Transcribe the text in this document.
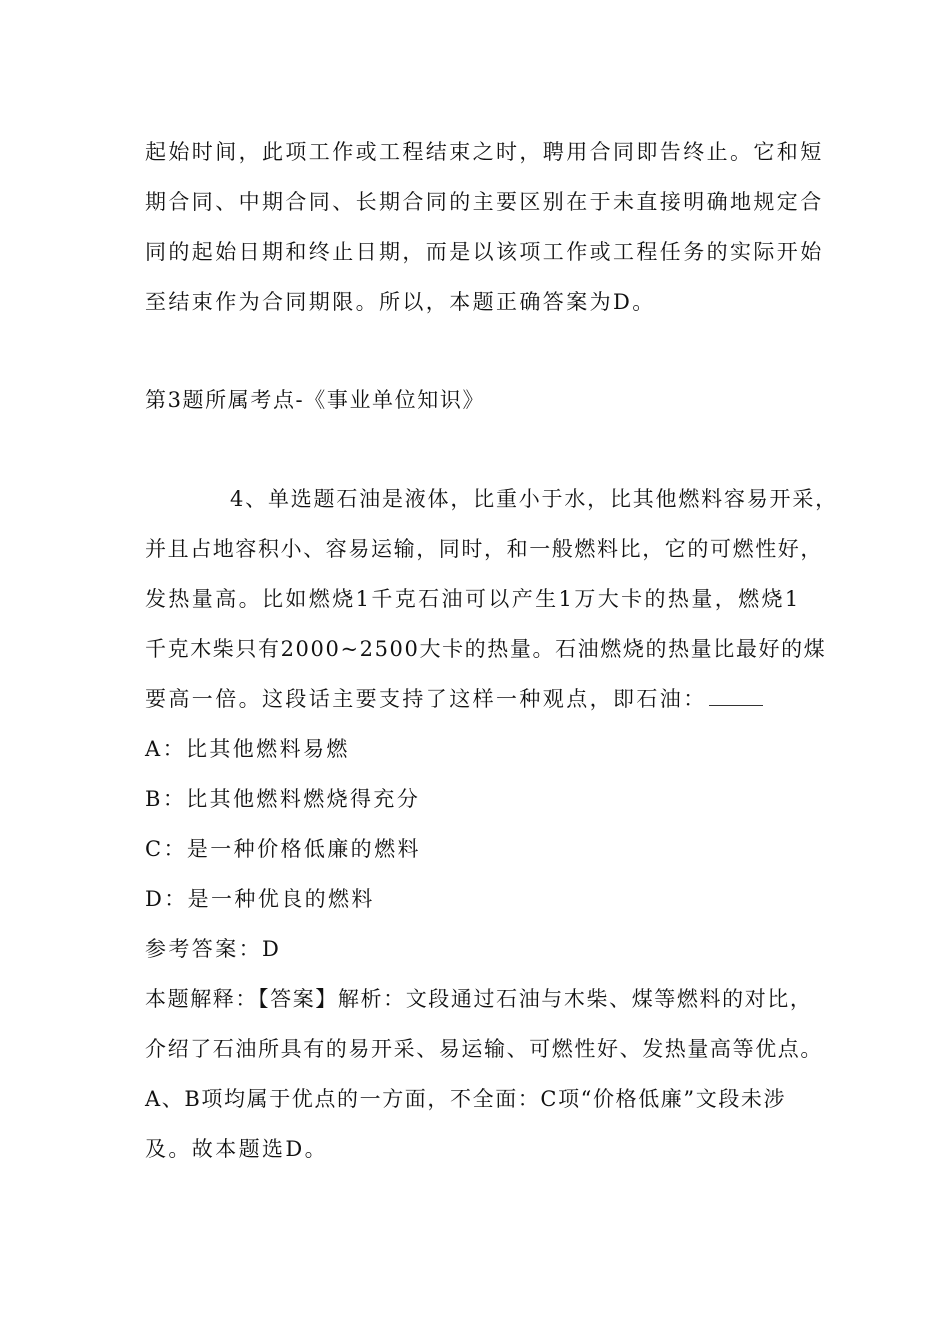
起始时间，此项工作或工程结束之时，聘用合同即告终止。它和短
期合同、中期合同、长期合同的主要区别在于未直接明确地规定合
同的起始日期和终止日期，而是以该项工作或工程任务的实际开始
至结束作为合同期限。所以，本题正确答案为D。
第3题所属考点-《事业单位知识》
4、单选题石油是液体，比重小于水，比其他燃料容易开采，
并且占地容积小、容易运输，同时，和一般燃料比，它的可燃性好，
发热量高。比如燃烧1千克石油可以产生1万大卡的热量，燃烧1
千克木柴只有2000~2500大卡的热量。石油燃烧的热量比最好的煤
要高一倍。这段话主要支持了这样一种观点，即石油：
A：比其他燃料易燃
B：比其他燃料燃烧得充分
C：是一种价格低廉的燃料
D：是一种优良的燃料
参考答案：D
本题解释：【答案】解析：文段通过石油与木柴、煤等燃料的对比，
介绍了石油所具有的易开采、易运输、可燃性好、发热量高等优点。
A、B项均属于优点的一方面，不全面：C项“价格低廉”文段未涉
及。故本题选D。
